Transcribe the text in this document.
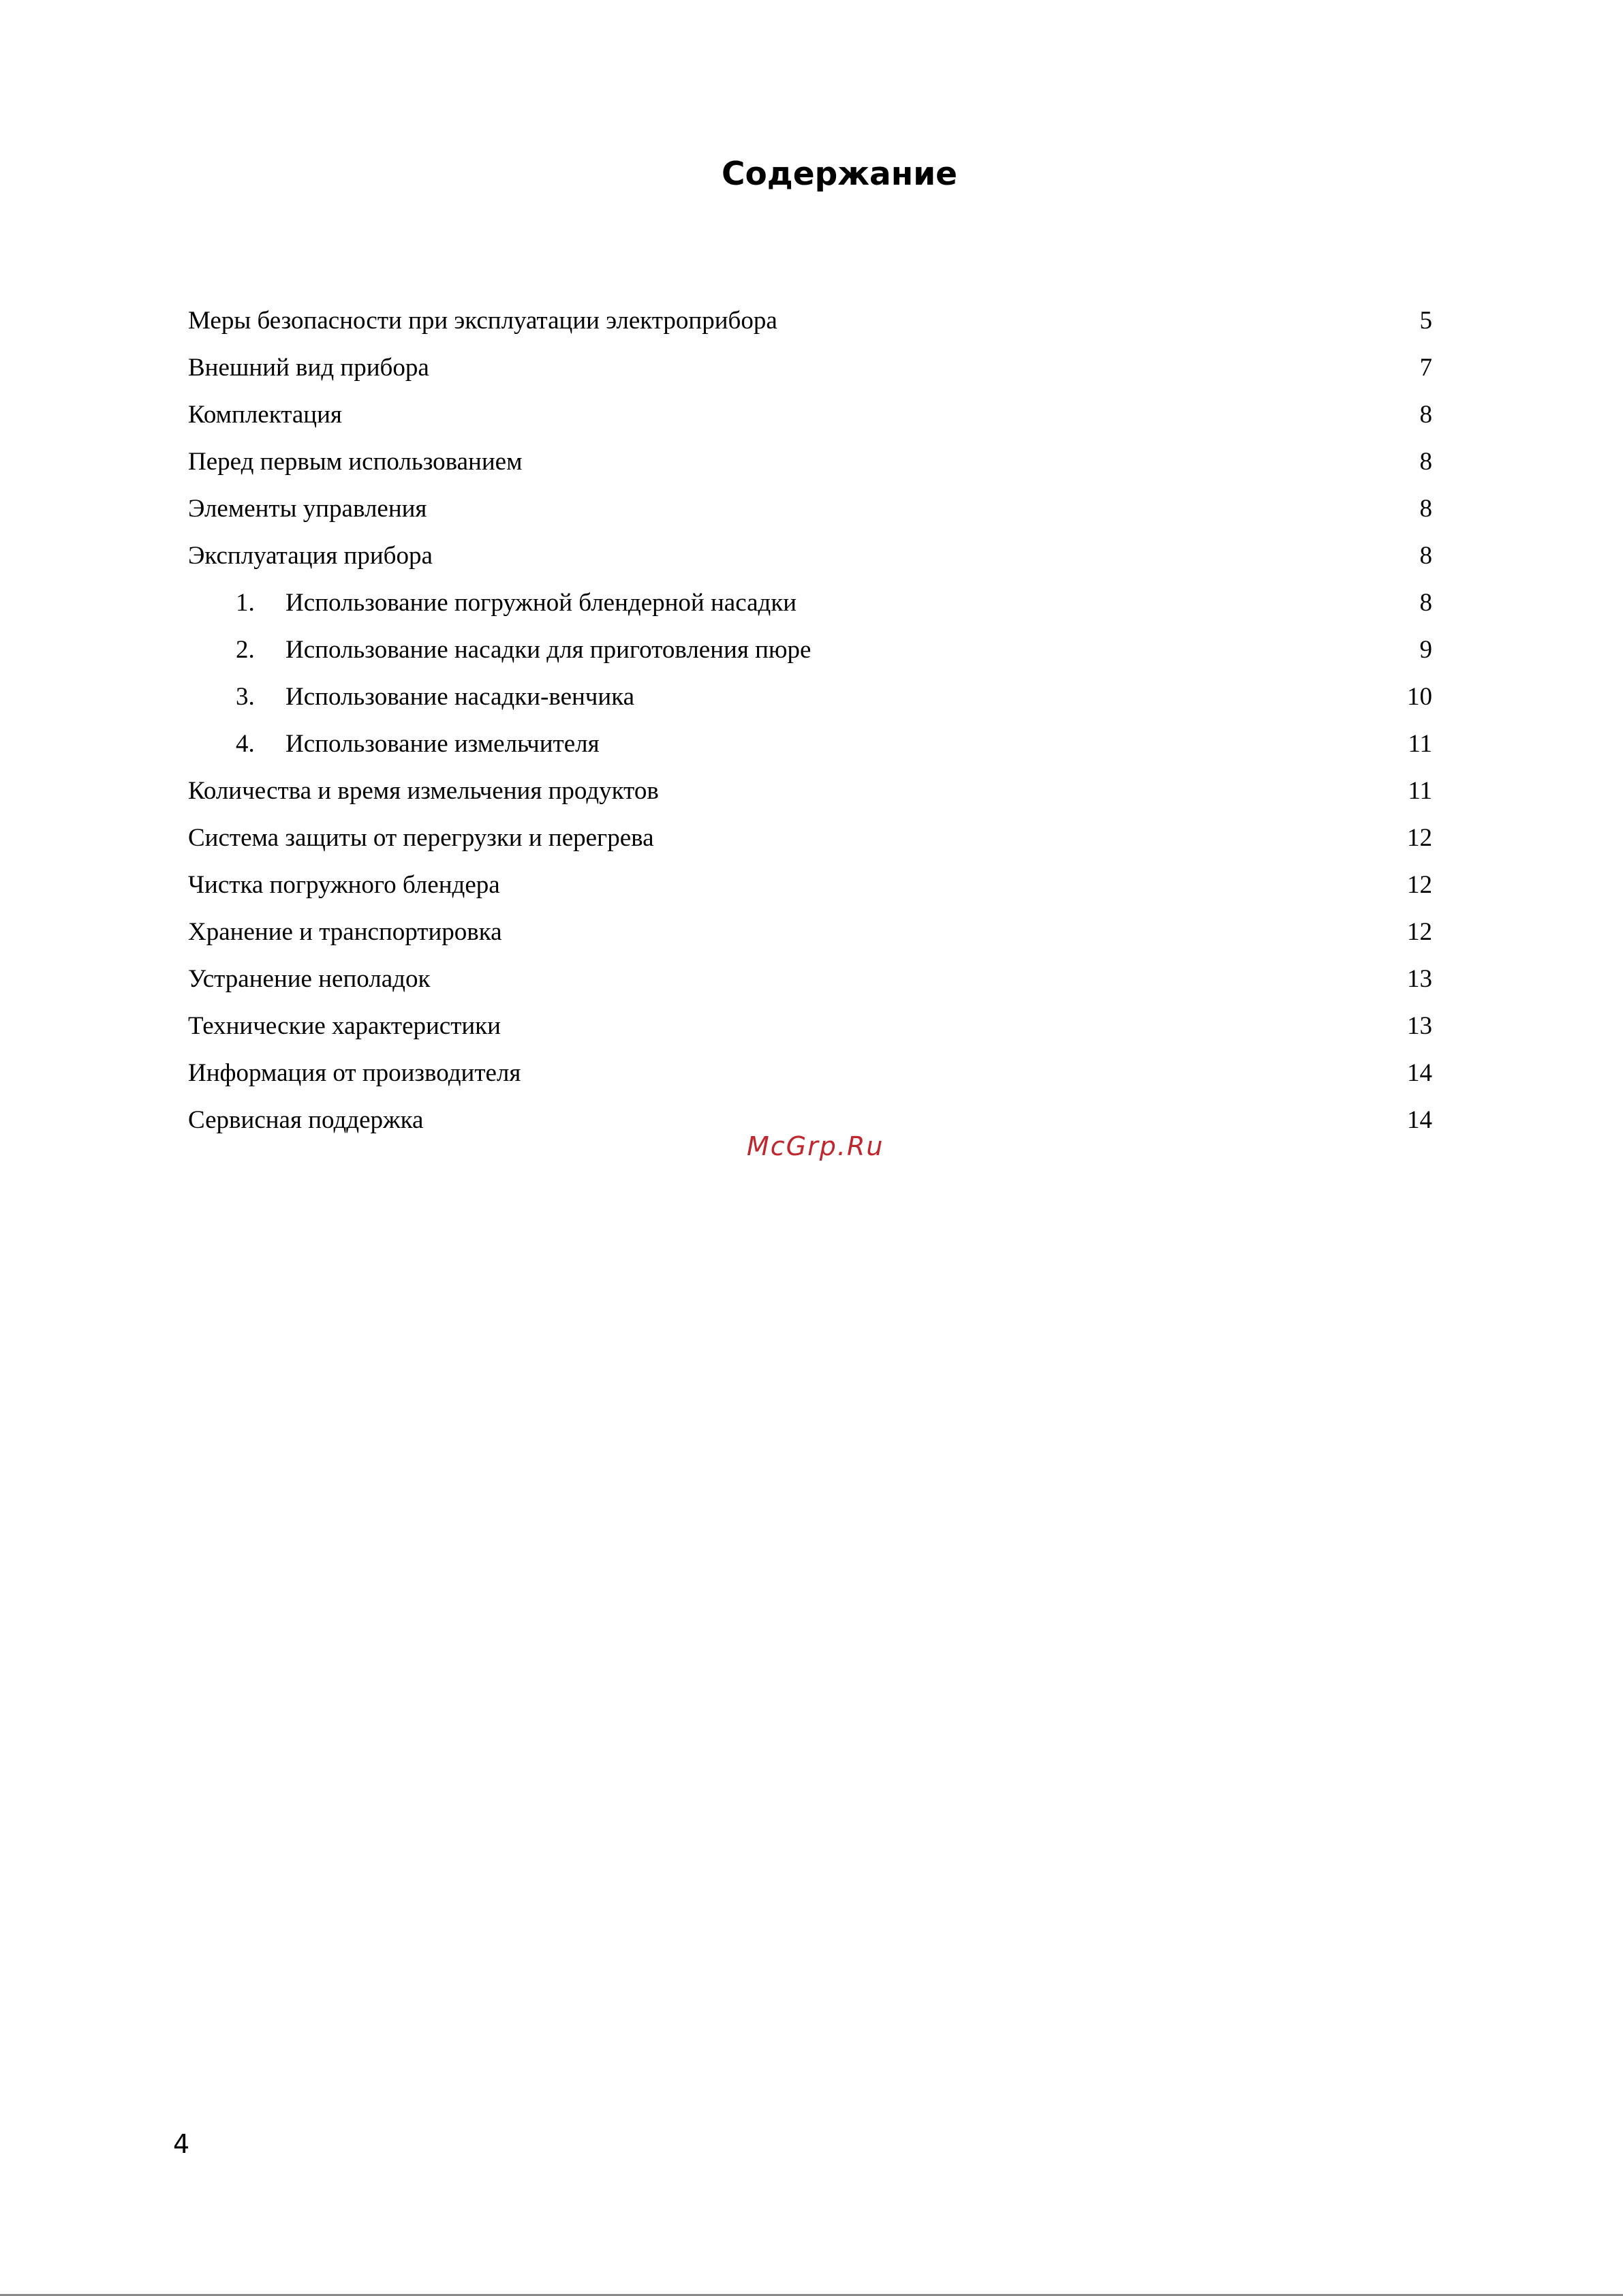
Содержание
Меры безопасности при эксплуатации электроприбора	5
Внешний вид прибора	7
Комплектация	8
Перед первым использованием	8
Элементы управления	8
Эксплуатация прибора	8
1. Использование погружной блендерной насадки	8
2. Использование насадки для приготовления пюре	9
3. Использование насадки-венчика	10
4. Использование измельчителя	11
Количества и время измельчения продуктов	11
Система защиты от перегрузки и перегрева	12
Чистка погружного блендера	12
Хранение и транспортировка	12
Устранение неполадок	13
Технические характеристики	13
Информация от производителя	14
Сервисная поддержка	14
McGrp.Ru
4
